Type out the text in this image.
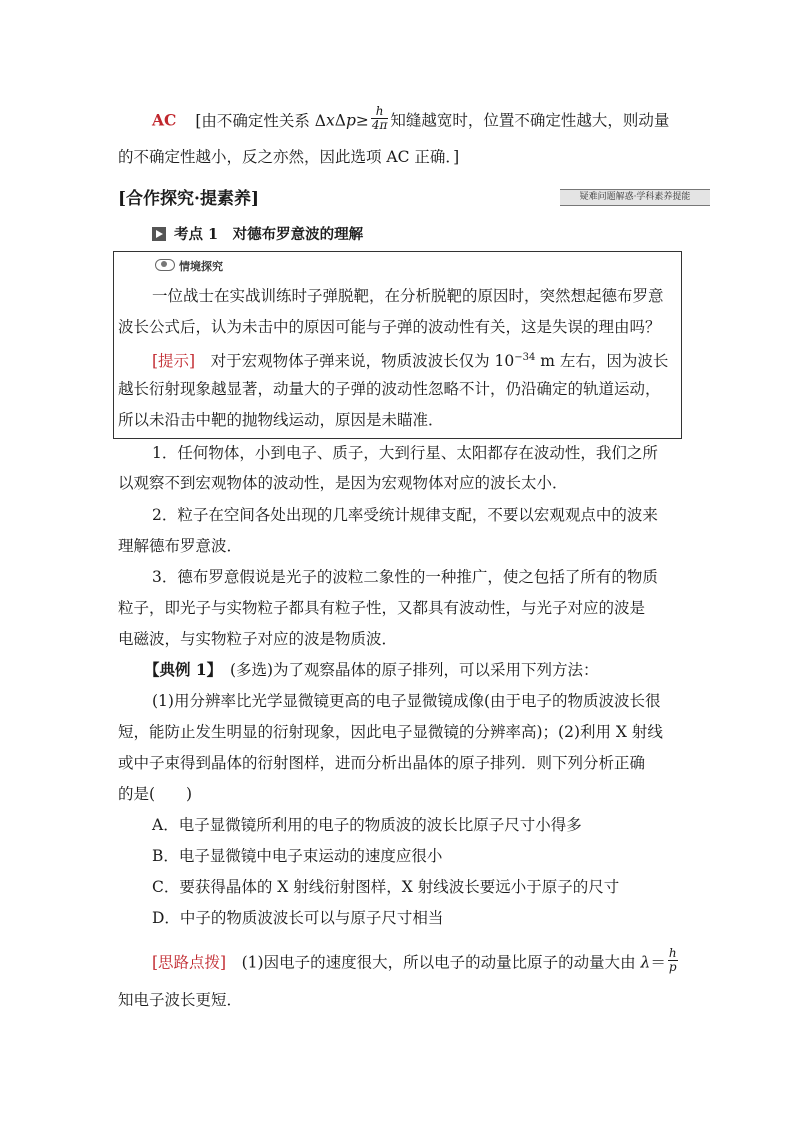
AC [由不确定性关系 $\Delta x\Delta p\ge \frac{h}{4\pi}$ 知缝越宽时，位置不确定性越大，则动量
的不确定性越小，反之亦然，因此选项 AC 正确．]
[合作探究·提素养]	疑难问题解惑·学科素养提能
考点 1　对德布罗意波的理解
情境探究
一位战士在实战训练时子弹脱靶，在分析脱靶的原因时，突然想起德布罗意
波长公式后，认为未击中的原因可能与子弹的波动性有关，这是失误的理由吗？
[提示]　对于宏观物体子弹来说，物质波波长仅为 $10^{-34}$ m 左右，因为波长
越长衍射现象越显著，动量大的子弹的波动性忽略不计，仍沿确定的轨道运动，
所以未沿击中靶的抛物线运动，原因是未瞄准．
1．任何物体，小到电子、质子，大到行星、太阳都存在波动性，我们之所
以观察不到宏观物体的波动性，是因为宏观物体对应的波长太小．
2．粒子在空间各处出现的几率受统计规律支配，不要以宏观观点中的波来
理解德布罗意波．
3．德布罗意假说是光子的波粒二象性的一种推广，使之包括了所有的物质
粒子，即光子与实物粒子都具有粒子性，又都具有波动性，与光子对应的波是
电磁波，与实物粒子对应的波是物质波．
【典例 1】　(多选)为了观察晶体的原子排列，可以采用下列方法：
(1)用分辨率比光学显微镜更高的电子显微镜成像(由于电子的物质波波长很
短，能防止发生明显的衍射现象，因此电子显微镜的分辨率高)；(2)利用 X 射线
或中子束得到晶体的衍射图样，进而分析出晶体的原子排列．则下列分析正确
的是(　　)
A．电子显微镜所利用的电子的物质波的波长比原子尺寸小得多
B．电子显微镜中电子束运动的速度应很小
C．要获得晶体的 X 射线衍射图样，X 射线波长要远小于原子的尺寸
D．中子的物质波波长可以与原子尺寸相当
[思路点拨]　(1)因电子的速度很大，所以电子的动量比原子的动量大由 $\lambda= \frac{h}{p}$
知电子波长更短．
